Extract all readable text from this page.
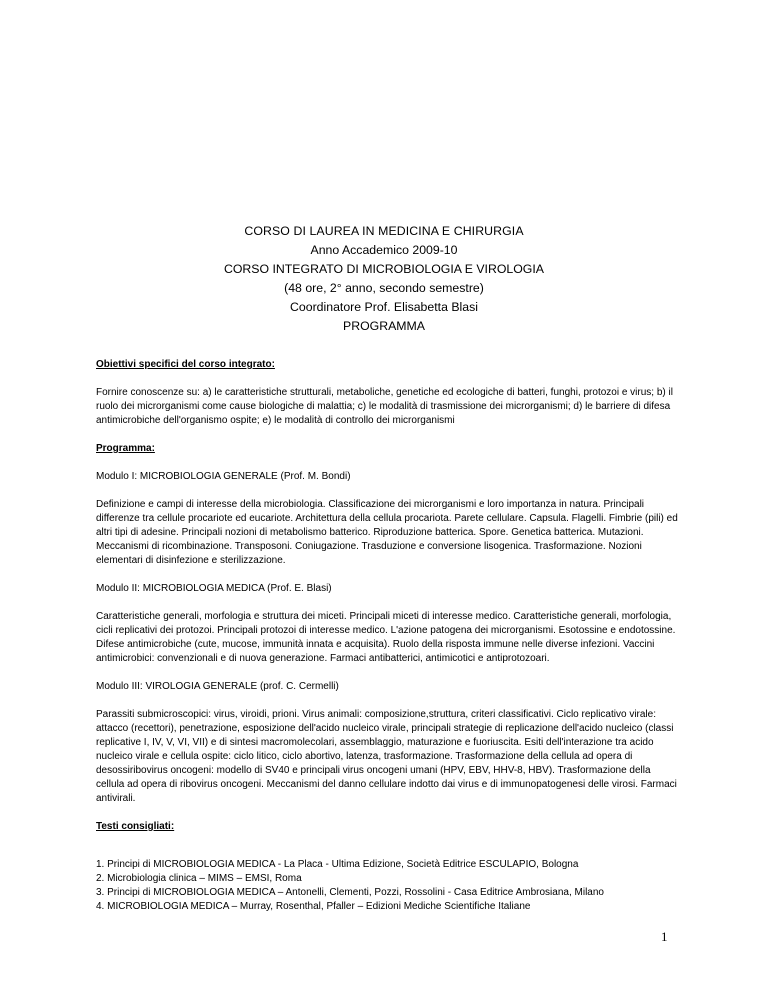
CORSO DI LAUREA IN MEDICINA E CHIRURGIA
Anno Accademico 2009-10
CORSO INTEGRATO DI MICROBIOLOGIA E VIROLOGIA
(48 ore, 2° anno, secondo semestre)
Coordinatore Prof. Elisabetta Blasi
PROGRAMMA

Obiettivi specifici del corso integrato:

Fornire conoscenze su: a) le caratteristiche strutturali, metaboliche, genetiche ed ecologiche di batteri, funghi, protozoi e virus; b) il ruolo dei microrganismi come cause biologiche di malattia; c) le modalità di trasmissione dei microrganismi; d) le barriere di difesa antimicrobiche dell'organismo ospite; e) le modalità di controllo dei microrganismi

Programma:

Modulo I: MICROBIOLOGIA GENERALE (Prof. M. Bondi)

Definizione e campi di interesse della microbiologia. Classificazione dei microrganismi e loro importanza in natura. Principali differenze tra cellule procariote ed eucariote. Architettura della cellula procariota. Parete cellulare. Capsula. Flagelli. Fimbrie (pili) ed altri tipi di adesine. Principali nozioni di metabolismo batterico. Riproduzione batterica. Spore. Genetica batterica. Mutazioni. Meccanismi di ricombinazione. Transposoni. Coniugazione. Trasduzione e conversione lisogenica. Trasformazione. Nozioni elementari di disinfezione e sterilizzazione.

Modulo II: MICROBIOLOGIA MEDICA (Prof. E. Blasi)

Caratteristiche generali, morfologia e struttura dei miceti. Principali miceti di interesse medico. Caratteristiche generali, morfologia, cicli replicativi dei protozoi. Principali protozoi di interesse medico. L'azione patogena dei microrganismi. Esotossine e endotossine. Difese antimicrobiche (cute, mucose, immunità innata e acquisita). Ruolo della risposta immune nelle diverse infezioni. Vaccini antimicrobici: convenzionali e di nuova generazione. Farmaci antibatterici, antimicotici e antiprotozoari.

Modulo III: VIROLOGIA GENERALE (prof. C. Cermelli)

Parassiti submicroscopici: virus, viroidi, prioni. Virus animali: composizione,struttura, criteri classificativi. Ciclo replicativo virale: attacco (recettori), penetrazione, esposizione dell'acido nucleico virale, principali strategie di replicazione dell'acido nucleico (classi replicative I, IV, V, VI, VII) e di sintesi macromolecolari, assemblaggio, maturazione e fuoriuscita. Esiti dell'interazione tra acido nucleico virale e cellula ospite: ciclo litico, ciclo abortivo, latenza, trasformazione. Trasformazione della cellula ad opera di desossiribovirus oncogeni: modello di SV40 e principali virus oncogeni umani (HPV, EBV, HHV-8, HBV). Trasformazione della cellula ad opera di ribovirus oncogeni. Meccanismi del danno cellulare indotto dai virus e di immunopatogenesi delle virosi. Farmaci antivirali.

Testi consigliati:

1. Principi di MICROBIOLOGIA MEDICA - La Placa - Ultima Edizione, Società Editrice ESCULAPIO, Bologna
2. Microbiologia clinica – MIMS – EMSI, Roma
3. Principi di MICROBIOLOGIA MEDICA – Antonelli, Clementi, Pozzi, Rossolini - Casa Editrice Ambrosiana, Milano
4. MICROBIOLOGIA MEDICA – Murray, Rosenthal, Pfaller – Edizioni Mediche Scientifiche Italiane
1
